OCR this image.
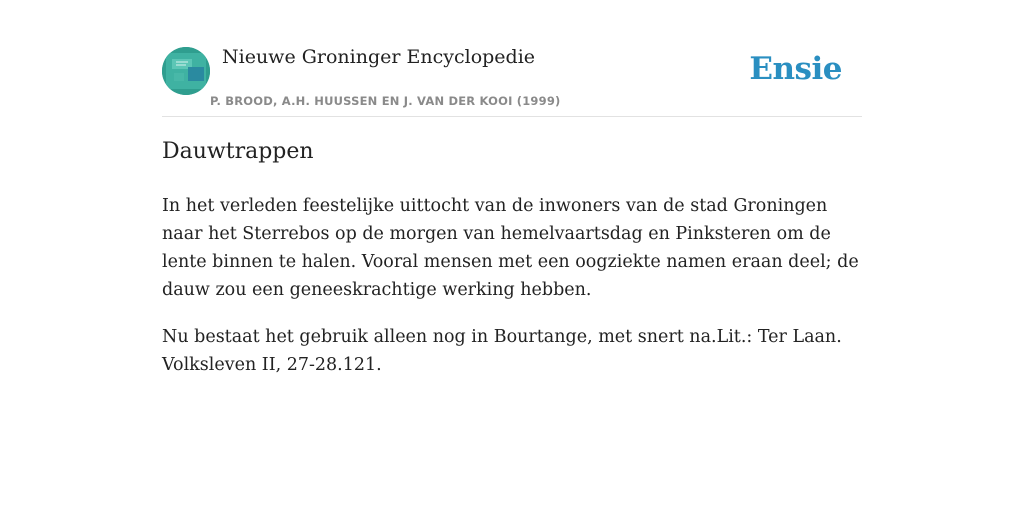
Nieuwe Groninger Encyclopedie
P. BROOD, A.H. HUUSSEN EN J. VAN DER KOOI (1999)
Ensie
Dauwtrappen

In het verleden feestelijke uittocht van de inwoners van de stad Groningen naar het Sterrebos op de morgen van hemelvaartsdag en Pinksteren om de lente binnen te halen. Vooral mensen met een oogziekte namen eraan deel; de dauw zou een geneeskrachtige werking hebben.

Nu bestaat het gebruik alleen nog in Bourtange, met snert na.Lit.: Ter Laan. Volksleven II, 27-28.121.
